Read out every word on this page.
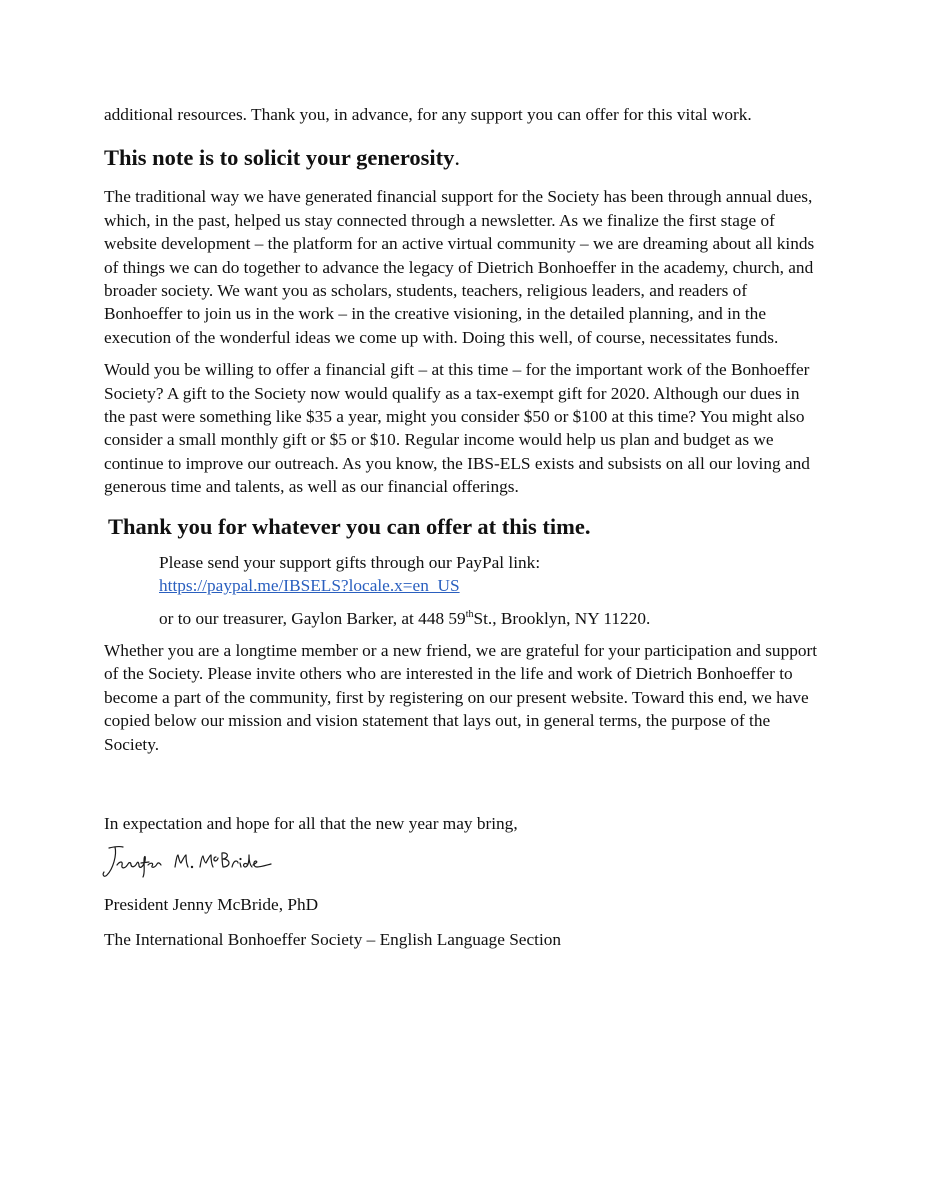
additional resources. Thank you, in advance, for any support you can offer for this vital work.

This note is to solicit your generosity.

The traditional way we have generated financial support for the Society has been through annual dues, which, in the past, helped us stay connected through a newsletter. As we finalize the first stage of website development – the platform for an active virtual community – we are dreaming about all kinds of things we can do together to advance the legacy of Dietrich Bonhoeffer in the academy, church, and broader society. We want you as scholars, students, teachers, religious leaders, and readers of Bonhoeffer to join us in the work – in the creative visioning, in the detailed planning, and in the execution of the wonderful ideas we come up with. Doing this well, of course, necessitates funds.

Would you be willing to offer a financial gift – at this time – for the important work of the Bonhoeffer Society? A gift to the Society now would qualify as a tax-exempt gift for 2020. Although our dues in the past were something like $35 a year, might you consider $50 or $100 at this time? You might also consider a small monthly gift or $5 or $10. Regular income would help us plan and budget as we continue to improve our outreach. As you know, the IBS-ELS exists and subsists on all our loving and generous time and talents, as well as our financial offerings.

Thank you for whatever you can offer at this time.

Please send your support gifts through our PayPal link:

https://paypal.me/IBSELS?locale.x=en_US

or to our treasurer, Gaylon Barker, at 448 59thSt., Brooklyn, NY 11220.

Whether you are a longtime member or a new friend, we are grateful for your participation and support of the Society. Please invite others who are interested in the life and work of Dietrich Bonhoeffer to become a part of the community, first by registering on our present website. Toward this end, we have copied below our mission and vision statement that lays out, in general terms, the purpose of the Society.

In expectation and hope for all that the new year may bring,

President Jenny McBride, PhD

The International Bonhoeffer Society – English Language Section
